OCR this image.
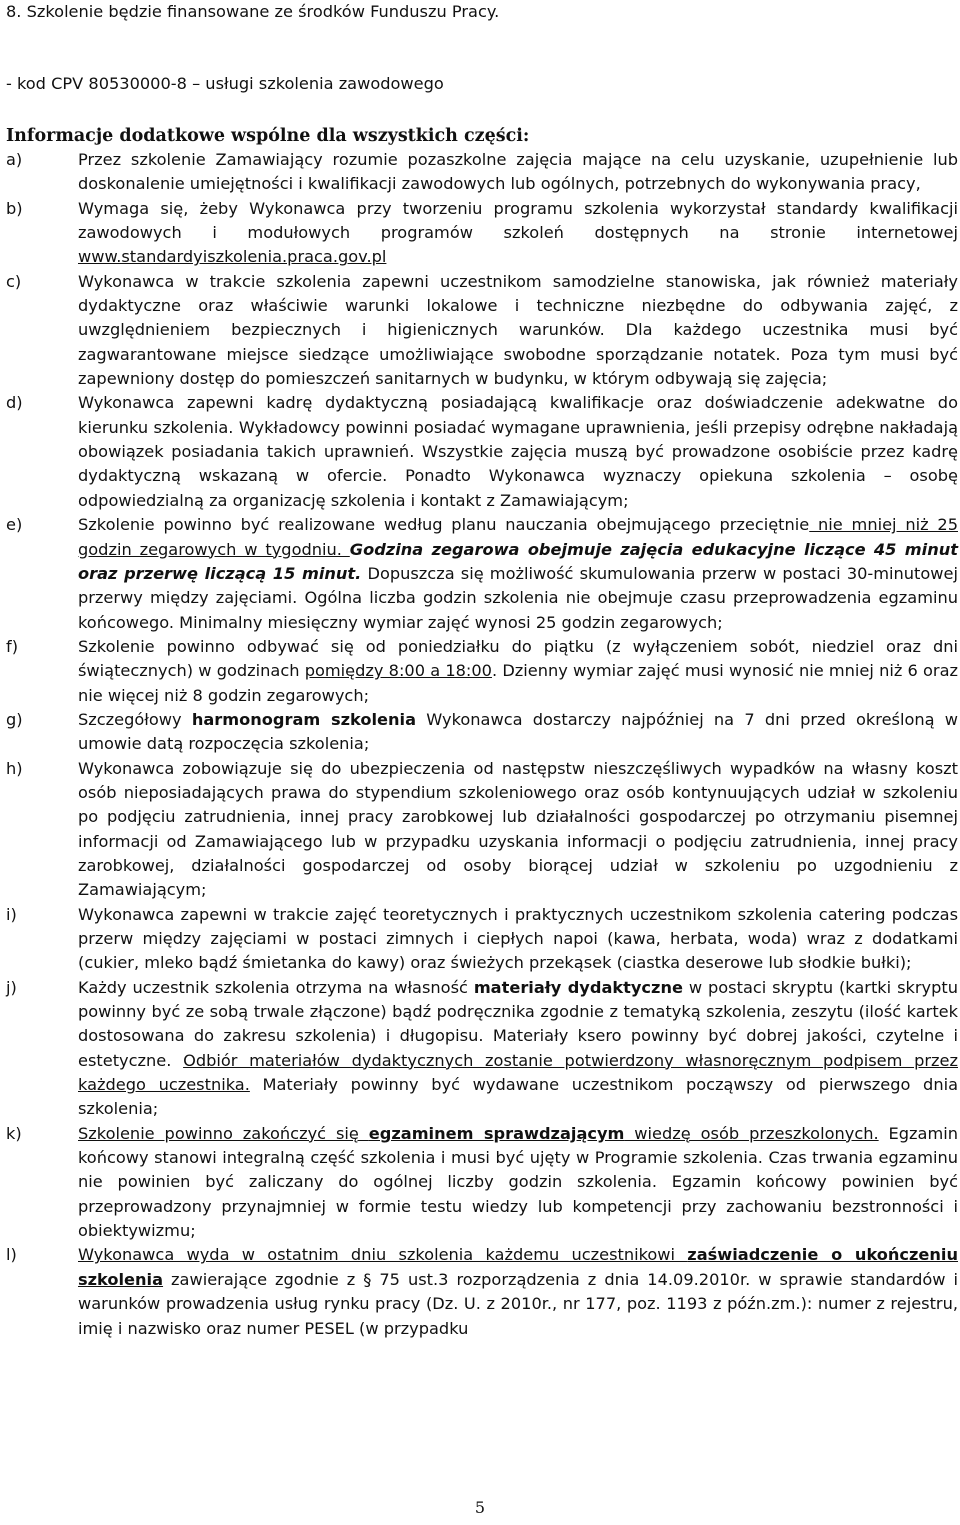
8. Szkolenie będzie finansowane ze środków Funduszu Pracy.
- kod CPV 80530000-8 – usługi szkolenia zawodowego
Informacje dodatkowe wspólne dla wszystkich części:
a)	Przez szkolenie Zamawiający rozumie pozaszkolne zajęcia mające na celu uzyskanie, uzupełnienie lub doskonalenie umiejętności i kwalifikacji zawodowych lub ogólnych, potrzebnych do wykonywania pracy,
b)	Wymaga się, żeby Wykonawca przy tworzeniu programu szkolenia wykorzystał standardy kwalifikacji zawodowych i modułowych programów szkoleń dostępnych na stronie internetowej www.standardyiszkolenia.praca.gov.pl
c)	Wykonawca w trakcie szkolenia zapewni uczestnikom samodzielne stanowiska, jak również materiały dydaktyczne oraz właściwie warunki lokalowe i techniczne niezbędne do odbywania zajęć, z uwzględnieniem bezpiecznych i higienicznych warunków. Dla każdego uczestnika musi być zagwarantowane miejsce siedzące umożliwiające swobodne sporządzanie notatek. Poza tym musi być zapewniony dostęp do pomieszczeń sanitarnych w budynku, w którym odbywają się zajęcia;
d)	Wykonawca zapewni kadrę dydaktyczną posiadającą kwalifikacje oraz doświadczenie adekwatne do kierunku szkolenia. Wykładowcy powinni posiadać wymagane uprawnienia, jeśli przepisy odrębne nakładają obowiązek posiadania takich uprawnień. Wszystkie zajęcia muszą być prowadzone osobiście przez kadrę dydaktyczną wskazaną w ofercie. Ponadto Wykonawca wyznaczy opiekuna szkolenia – osobę odpowiedzialną za organizację szkolenia i kontakt z Zamawiającym;
e)	Szkolenie powinno być realizowane według planu nauczania obejmującego przeciętnie nie mniej niż 25 godzin zegarowych w tygodniu. Godzina zegarowa obejmuje zajęcia edukacyjne liczące 45 minut oraz przerwę liczącą 15 minut. Dopuszcza się możliwość skumulowania przerw w postaci 30-minutowej przerwy między zajęciami. Ogólna liczba godzin szkolenia nie obejmuje czasu przeprowadzenia egzaminu końcowego. Minimalny miesięczny wymiar zajęć wynosi 25 godzin zegarowych;
f)	Szkolenie powinno odbywać się od poniedziałku do piątku (z wyłączeniem sobót, niedziel oraz dni świątecznych) w godzinach pomiędzy 8:00 a 18:00. Dzienny wymiar zajęć musi wynosić nie mniej niż 6 oraz nie więcej niż 8 godzin zegarowych;
g)	Szczegółowy harmonogram szkolenia Wykonawca dostarczy najpóźniej na 7 dni przed określoną w umowie datą rozpoczęcia szkolenia;
h)	Wykonawca zobowiązuje się do ubezpieczenia od następstw nieszczęśliwych wypadków na własny koszt osób nieposiadających prawa do stypendium szkoleniowego oraz osób kontynuujących udział w szkoleniu po podjęciu zatrudnienia, innej pracy zarobkowej lub działalności gospodarczej po otrzymaniu pisemnej informacji od Zamawiającego lub w przypadku uzyskania informacji o podjęciu zatrudnienia, innej pracy zarobkowej, działalności gospodarczej od osoby biorącej udział w szkoleniu po uzgodnieniu z Zamawiającym;
i)	Wykonawca zapewni w trakcie zajęć teoretycznych i praktycznych uczestnikom szkolenia catering podczas przerw między zajęciami w postaci zimnych i ciepłych napoi (kawa, herbata, woda) wraz z dodatkami (cukier, mleko bądź śmietanka do kawy) oraz świeżych przekąsek (ciastka deserowe lub słodkie bułki);
j)	Każdy uczestnik szkolenia otrzyma na własność materiały dydaktyczne w postaci skryptu (kartki skryptu powinny być ze sobą trwale złączone) bądź podręcznika zgodnie z tematyką szkolenia, zeszytu (ilość kartek dostosowana do zakresu szkolenia) i długopisu. Materiały ksero powinny być dobrej jakości, czytelne i estetyczne. Odbiór materiałów dydaktycznych zostanie potwierdzony własnoręcznym podpisem przez każdego uczestnika. Materiały powinny być wydawane uczestnikom począwszy od pierwszego dnia szkolenia;
k)	Szkolenie powinno zakończyć się egzaminem sprawdzającym wiedzę osób przeszkolonych. Egzamin końcowy stanowi integralną część szkolenia i musi być ujęty w Programie szkolenia. Czas trwania egzaminu nie powinien być zaliczany do ogólnej liczby godzin szkolenia. Egzamin końcowy powinien być przeprowadzony przynajmniej w formie testu wiedzy lub kompetencji przy zachowaniu bezstronności i obiektywizmu;
l)	Wykonawca wyda w ostatnim dniu szkolenia każdemu uczestnikowi zaświadczenie o ukończeniu szkolenia zawierające zgodnie z § 75 ust.3 rozporządzenia z dnia 14.09.2010r. w sprawie standardów i warunków prowadzenia usług rynku pracy (Dz. U. z 2010r., nr 177, poz. 1193 z późn.zm.): numer z rejestru, imię i nazwisko oraz numer PESEL (w przypadku
5
